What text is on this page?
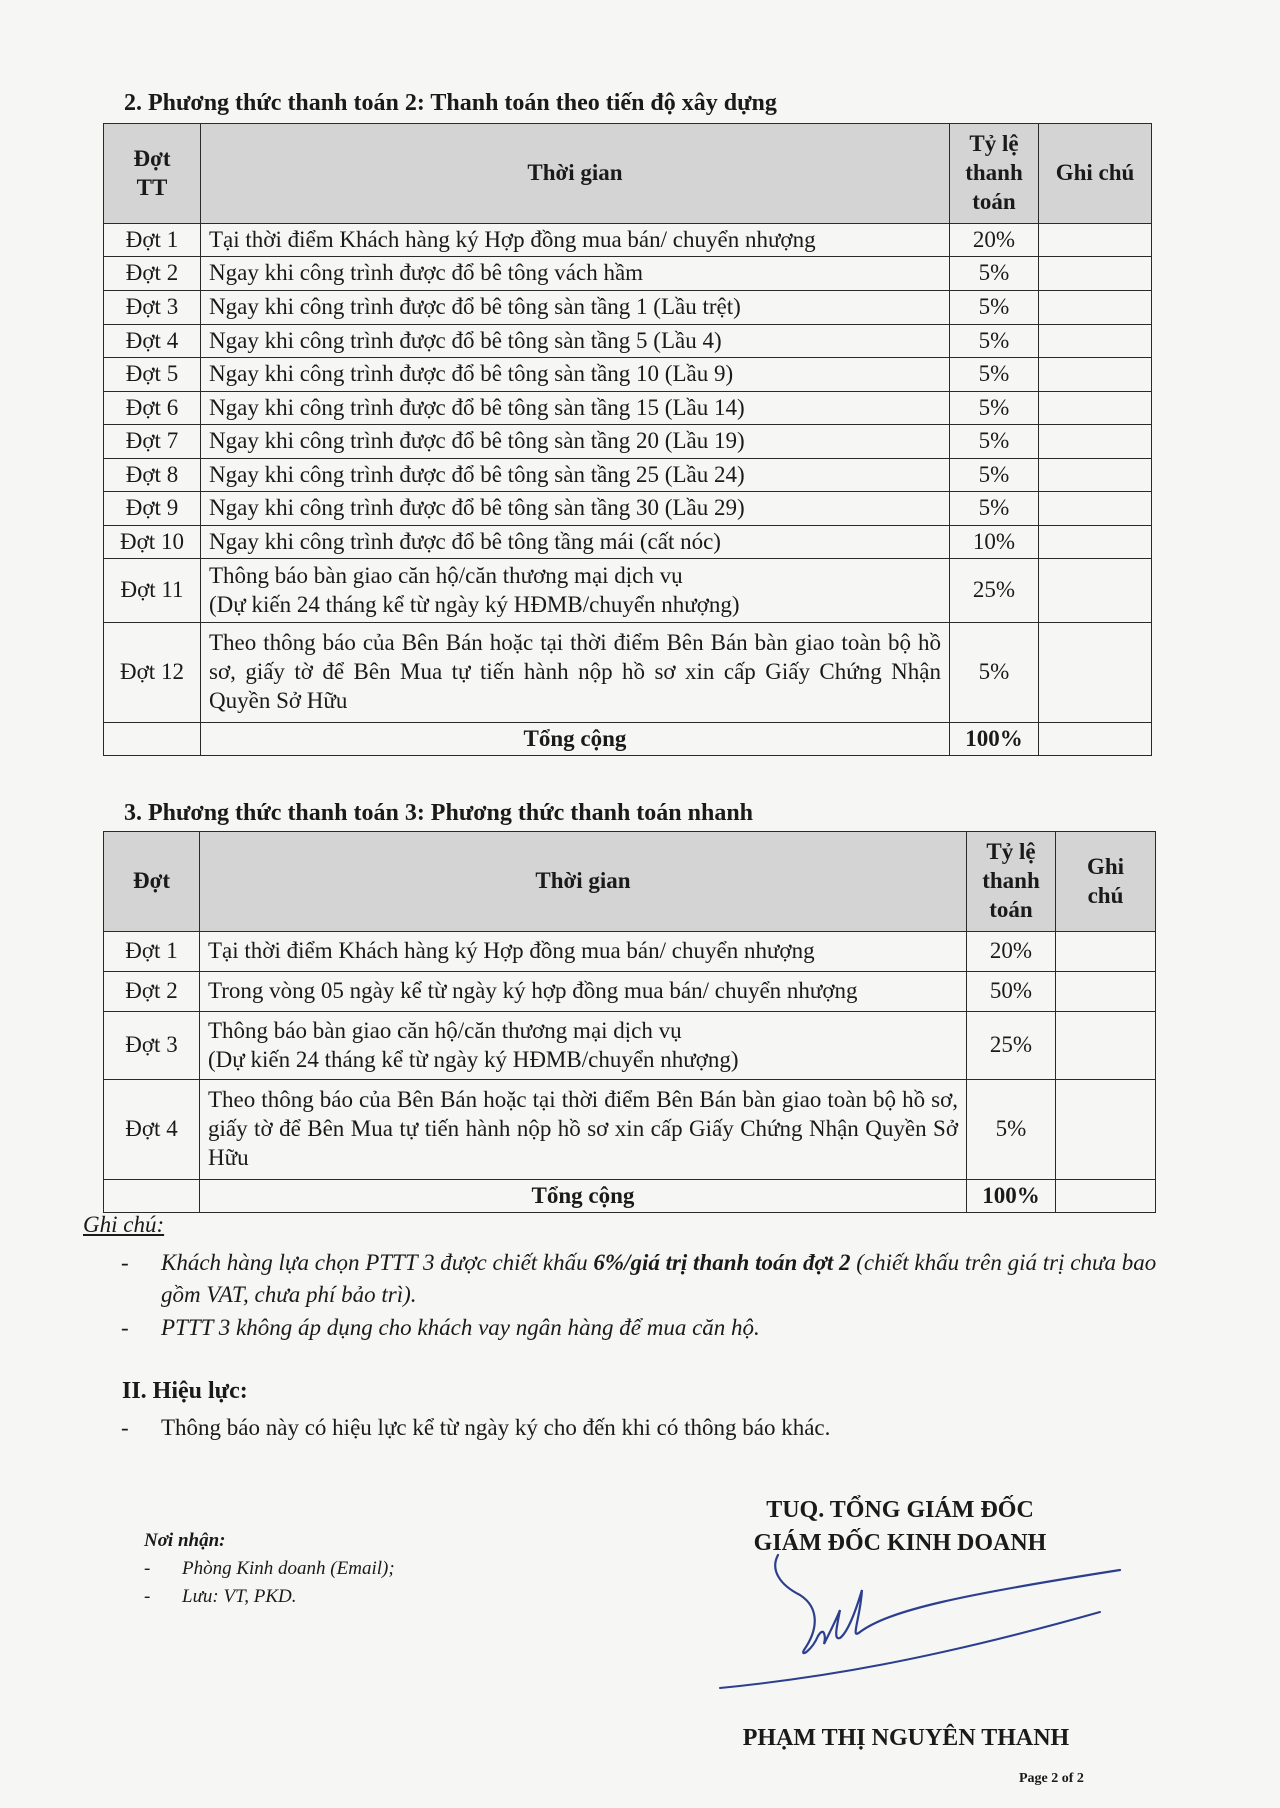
2. Phương thức thanh toán 2: Thanh toán theo tiến độ xây dựng
Đợt
TT	Thời gian	Tỷ lệ
thanh
toán	Ghi chú
Đợt 1	Tại thời điểm Khách hàng ký Hợp đồng mua bán/ chuyển nhượng	20%	
Đợt 2	Ngay khi công trình được đổ bê tông vách hầm	5%	
Đợt 3	Ngay khi công trình được đổ bê tông sàn tầng 1 (Lầu trệt)	5%	
Đợt 4	Ngay khi công trình được đổ bê tông sàn tầng 5 (Lầu 4)	5%	
Đợt 5	Ngay khi công trình được đổ bê tông sàn tầng 10 (Lầu 9)	5%	
Đợt 6	Ngay khi công trình được đổ bê tông sàn tầng 15 (Lầu 14)	5%	
Đợt 7	Ngay khi công trình được đổ bê tông sàn tầng 20 (Lầu 19)	5%	
Đợt 8	Ngay khi công trình được đổ bê tông sàn tầng 25 (Lầu 24)	5%	
Đợt 9	Ngay khi công trình được đổ bê tông sàn tầng 30 (Lầu 29)	5%	
Đợt 10	Ngay khi công trình được đổ bê tông tầng mái (cất nóc)	10%	
Đợt 11	Thông báo bàn giao căn hộ/căn thương mại dịch vụ
(Dự kiến 24 tháng kể từ ngày ký HĐMB/chuyển nhượng)	25%	
Đợt 12	Theo thông báo của Bên Bán hoặc tại thời điểm Bên Bán bàn giao toàn bộ hồ sơ, giấy tờ để Bên Mua tự tiến hành nộp hồ sơ xin cấp Giấy Chứng Nhận Quyền Sở Hữu	5%	
	Tổng cộng	100%	
3. Phương thức thanh toán 3: Phương thức thanh toán nhanh
Đợt	Thời gian	Tỷ lệ
thanh
toán	Ghi
chú
Đợt 1	Tại thời điểm Khách hàng ký Hợp đồng mua bán/ chuyển nhượng	20%	
Đợt 2	Trong vòng 05 ngày kể từ ngày ký hợp đồng mua bán/ chuyển nhượng	50%	
Đợt 3	Thông báo bàn giao căn hộ/căn thương mại dịch vụ
(Dự kiến 24 tháng kể từ ngày ký HĐMB/chuyển nhượng)	25%	
Đợt 4	Theo thông báo của Bên Bán hoặc tại thời điểm Bên Bán bàn giao toàn bộ hồ sơ, giấy tờ để Bên Mua tự tiến hành nộp hồ sơ xin cấp Giấy Chứng Nhận Quyền Sở Hữu	5%	
	Tổng cộng	100%	
Ghi chú:
- Khách hàng lựa chọn PTTT 3 được chiết khấu 6%/giá trị thanh toán đợt 2 (chiết khấu trên giá trị chưa bao gồm VAT, chưa phí bảo trì).
- PTTT 3 không áp dụng cho khách vay ngân hàng để mua căn hộ.
II. Hiệu lực:
- Thông báo này có hiệu lực kể từ ngày ký cho đến khi có thông báo khác.
Nơi nhận:
- Phòng Kinh doanh (Email);
- Lưu: VT, PKD.
TUQ. TỔNG GIÁM ĐỐC
GIÁM ĐỐC KINH DOANH
PHẠM THỊ NGUYÊN THANH
Page 2 of 2
